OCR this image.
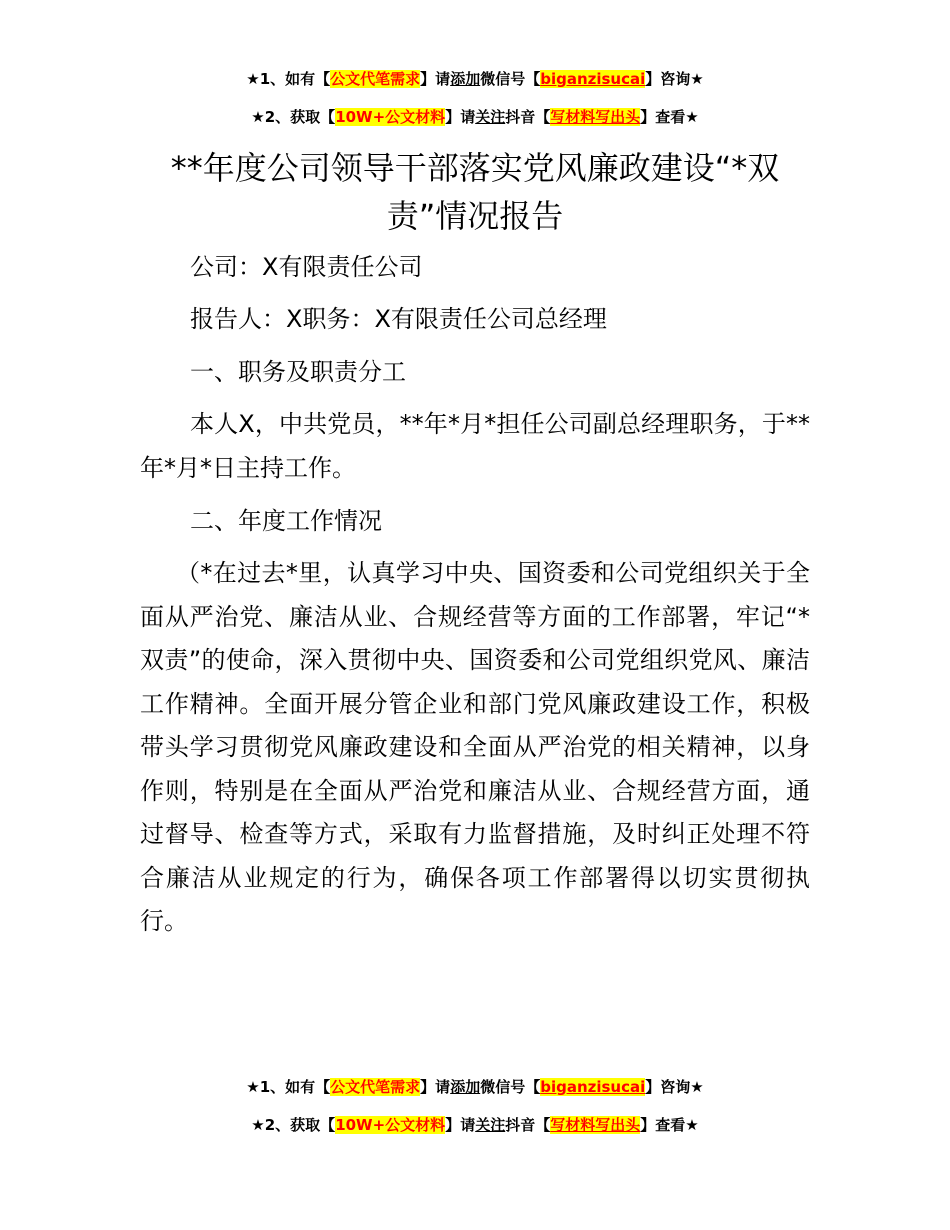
★1、如有【公文代笔需求】请添加微信号【biganzisucai】咨询★
★2、获取【10W+公文材料】请关注抖音【写材料写出头】查看★
**年度公司领导干部落实党风廉政建设“*双责”情况报告

公司：X有限责任公司

报告人：X职务：X有限责任公司总经理

一、职务及职责分工

本人X，中共党员，**年*月*担任公司副总经理职务，于**年*月*日主持工作。

二、年度工作情况

（*在过去*里，认真学习中央、国资委和公司党组织关于全面从严治党、廉洁从业、合规经营等方面的工作部署，牢记“*双责”的使命，深入贯彻中央、国资委和公司党组织党风、廉洁工作精神。全面开展分管企业和部门党风廉政建设工作，积极带头学习贯彻党风廉政建设和全面从严治党的相关精神，以身作则，特别是在全面从严治党和廉洁从业、合规经营方面，通过督导、检查等方式，采取有力监督措施，及时纠正处理不符合廉洁从业规定的行为，确保各项工作部署得以切实贯彻执行。

★1、如有【公文代笔需求】请添加微信号【biganzisucai】咨询★
★2、获取【10W+公文材料】请关注抖音【写材料写出头】查看★
